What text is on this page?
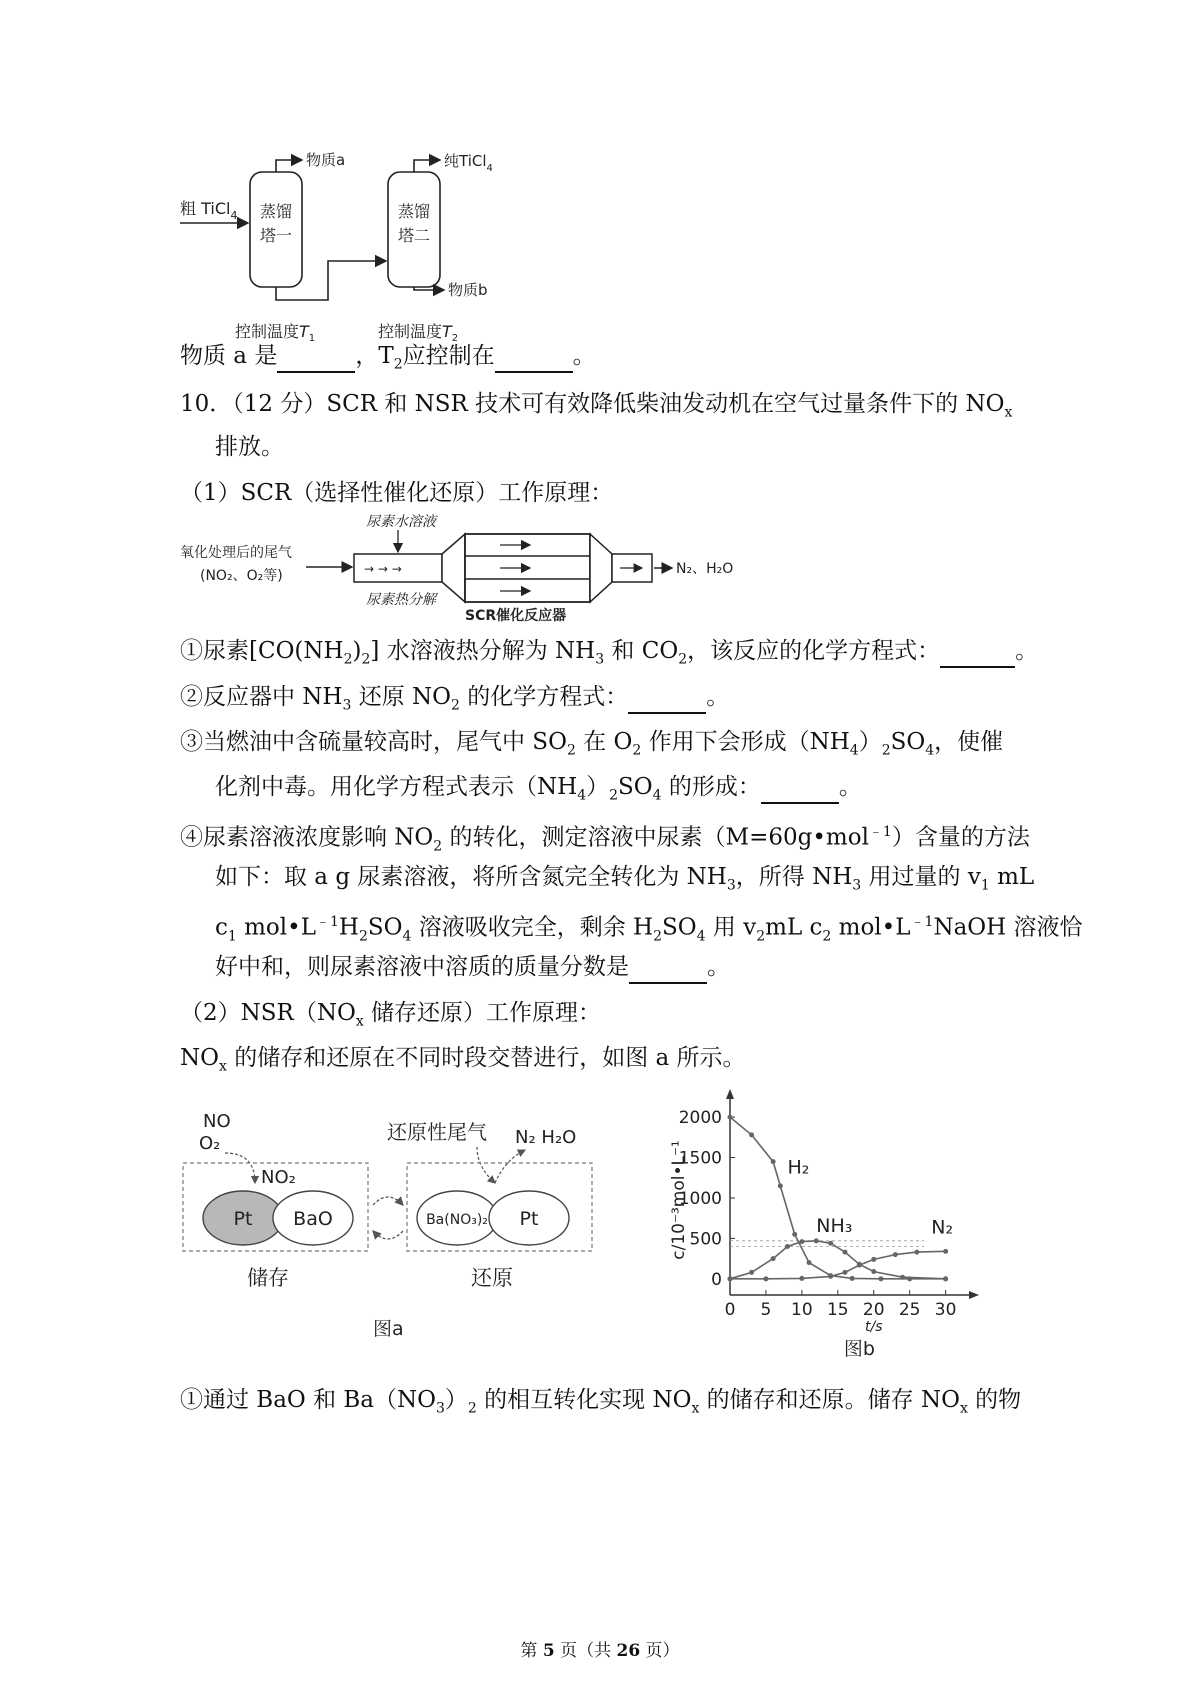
粗 TiCl$_4$ 蒸馏
塔一
物质a
蒸馏
塔二
纯TiCl$_4$
物质b
控制温度$T_1$	控制温度$T_2$
物质 a 是	，$T_2$应控制在	。
10．（12 分）SCR 和 NSR 技术可有效降低柴油发动机在空气过量条件下的 $NO_x$
排放。
（1）SCR（选择性催化还原）工作原理：
氧化处理后的尾气
(NO₂、O₂等)
尿素水溶液
→ → →	N₂、H₂O
尿素热分解
SCR催化反应器
①尿素$[CO(NH_2)_2]$ 水溶液热分解为 $NH_3$ 和 $CO_2$，该反应的化学方程式：	。
②反应器中 $NH_3$ 还原 $NO_2$ 的化学方程式：	。
③当燃油中含硫量较高时，尾气中 $SO_2$ 在 $O_2$ 作用下会形成$(NH_4)_2SO_4$，使催
化剂中毒。用化学方程式表示$(NH_4)_2SO_4$ 的形成：	。
④尿素溶液浓度影响 $NO_2$ 的转化，测定溶液中尿素（M=60g•mol$^{﹣1}$）含量的方法
如下：取 a g 尿素溶液，将所含氮完全转化为 $NH_3$，所得 $NH_3$ 用过量的 $v_1$ mL
$c_1$ $mol•L^{﹣1}H_2SO_4$ 溶液吸收完全，剩余 $H_2SO_4$ 用 $v_2mL$ $c_2$ $mol•L^{﹣1}NaOH$ 溶液恰
好中和，则尿素溶液中溶质的质量分数是	。
$(2)NSR(NO_x$ 储存还原）工作原理：
$NO_x$ 的储存和还原在不同时段交替进行，如图 a 所示。
NO
O₂
NO₂
Pt BaO
储存
还原性尾气 N₂ H₂O
Ba(NO₃)₂ Pt
还原
图a
0
500
1000
1500
2000
0 5 10 15 20 25 30
t/s
c/10⁻³mol•L⁻¹	H₂
NH₃	N₂
图b
①通过 BaO 和 $Ba(NO_3)_2$ 的相互转化实现 $NO_x$ 的储存和还原。储存 $NO_x$ 的物
第 5 页（共 26 页）
